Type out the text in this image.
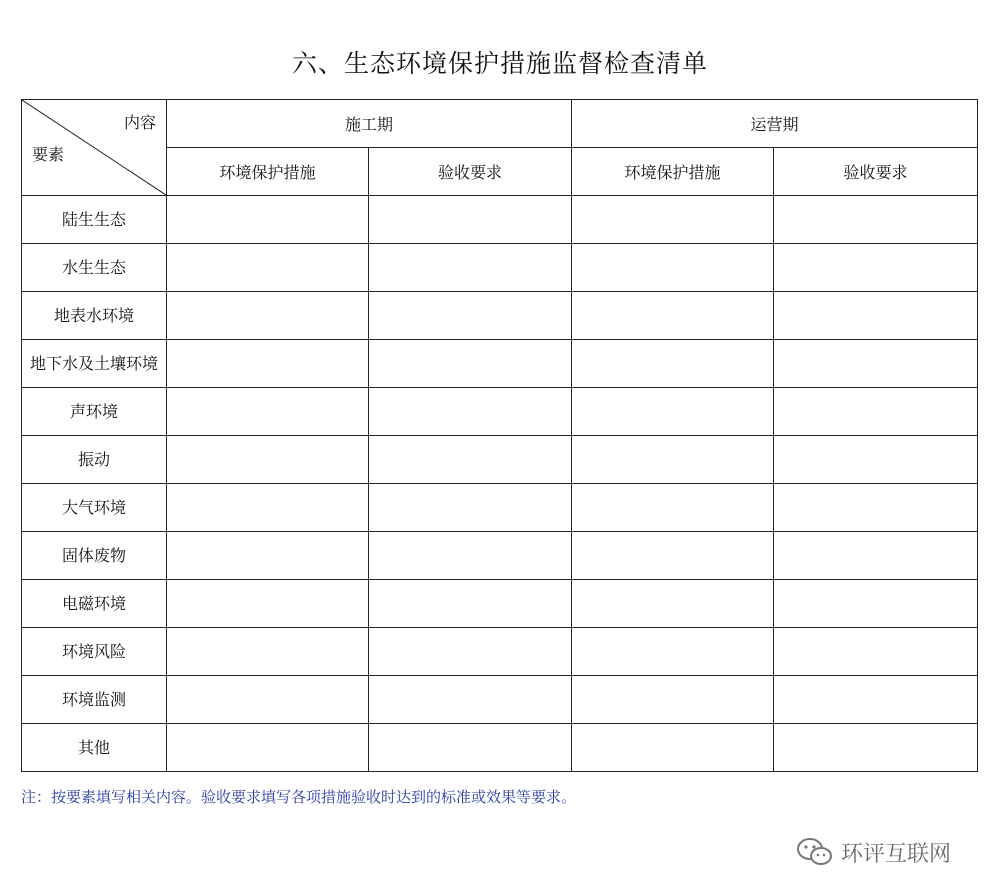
六、生态环境保护措施监督检查清单
内容
要素	施工期		运营期	
	环境保护措施	验收要求	环境保护措施	验收要求
陆生生态				
水生生态				
地表水环境				
地下水及土壤环境				
声环境				
振动				
大气环境				
固体废物				
电磁环境				
环境风险				
环境监测				
其他				
注：按要素填写相关内容。验收要求填写各项措施验收时达到的标准或效果等要求。
环评互联网
